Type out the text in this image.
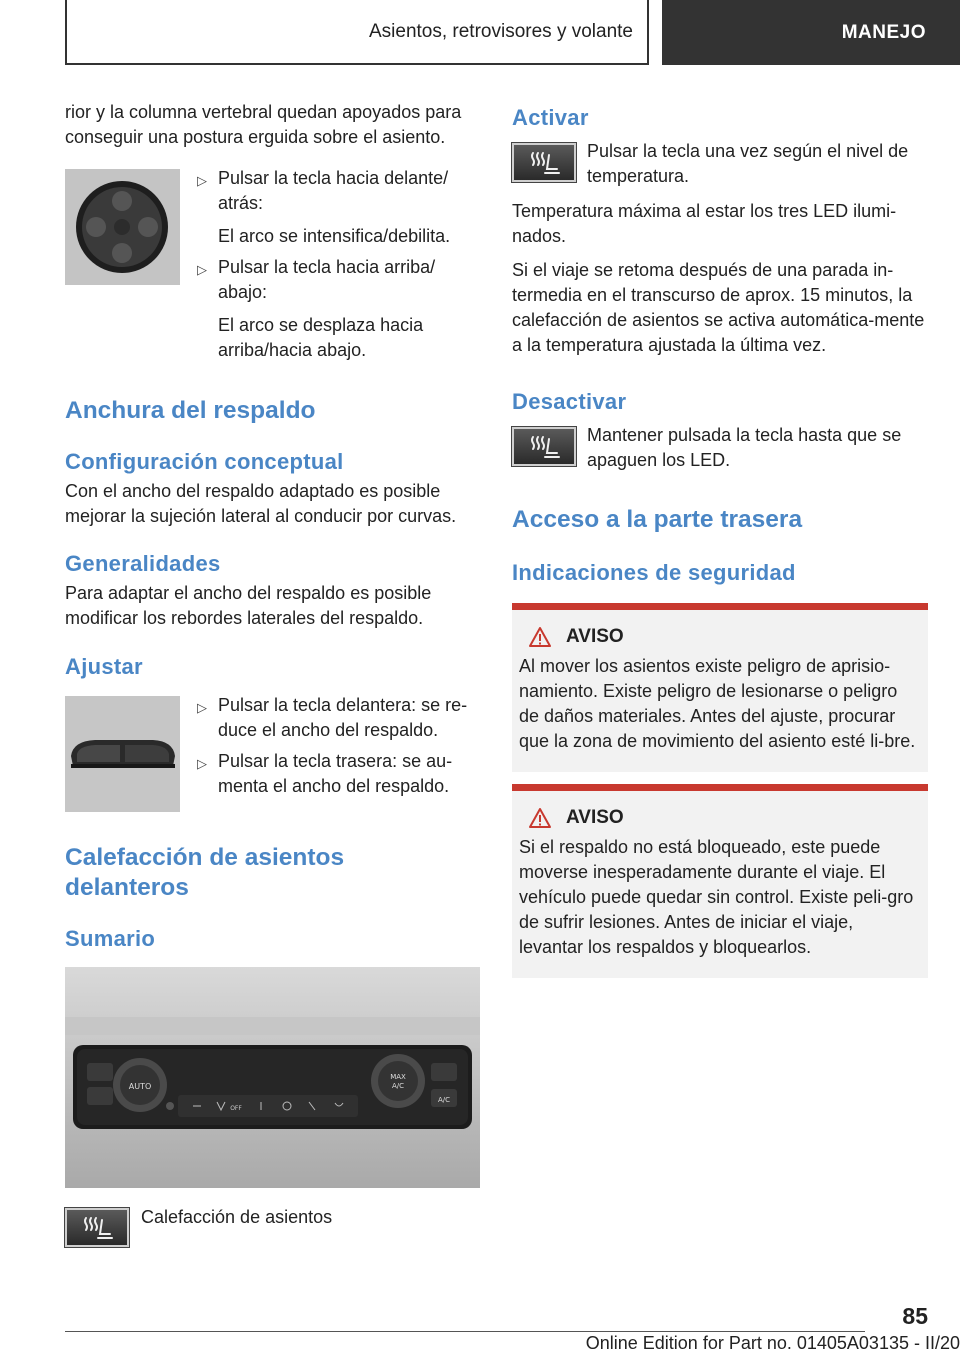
Asientos, retrovisores y volante	MANEJO

rior y la columna vertebral quedan apoyados para conseguir una postura erguida sobre el asiento.

▷ Pulsar la tecla hacia delante/ atrás:
El arco se intensifica/debilita.
▷ Pulsar la tecla hacia arriba/ abajo:
El arco se desplaza hacia arriba/hacia abajo.
Anchura del respaldo
Configuración conceptual

Con el ancho del respaldo adaptado es posible mejorar la sujeción lateral al conducir por curvas.

Generalidades

Para adaptar el ancho del respaldo es posible modificar los rebordes laterales del respaldo.

Ajustar
▷ Pulsar la tecla delantera: se re-duce el ancho del respaldo.
▷ Pulsar la tecla trasera: se au-menta el ancho del respaldo.
Calefacción de asientos delanteros
Sumario
AUTO
MAX
A/C
A/C
OFF

Calefacción de asientos

Activar

Pulsar la tecla una vez según el nivel de temperatura.

Temperatura máxima al estar los tres LED ilumi-nados.

Si el viaje se retoma después de una parada in-termedia en el transcurso de aprox. 15 minutos, la calefacción de asientos se activa automática-mente a la temperatura ajustada la última vez.

Desactivar

Mantener pulsada la tecla hasta que se apaguen los LED.

Acceso a la parte trasera
Indicaciones de seguridad
AVISO

Al mover los asientos existe peligro de aprisio-namiento. Existe peligro de lesionarse o peligro de daños materiales. Antes del ajuste, procurar que la zona de movimiento del asiento esté li-bre.

AVISO

Si el respaldo no está bloqueado, este puede moverse inesperadamente durante el viaje. El vehículo puede quedar sin control. Existe peli-gro de sufrir lesiones. Antes de iniciar el viaje, levantar los respaldos y bloquearlos.

85
Online Edition for Part no. 01405A03135 - II/20
